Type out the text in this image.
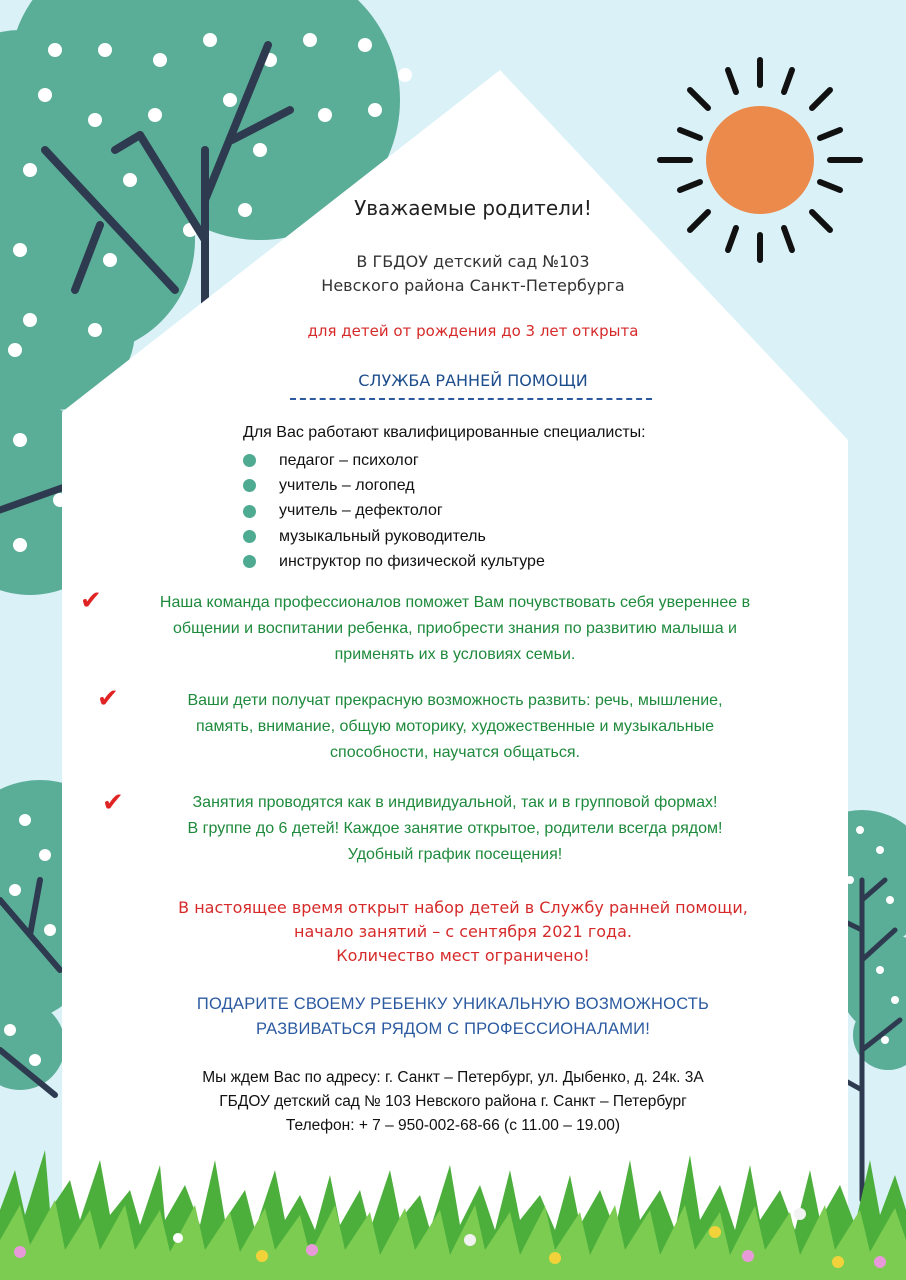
Уважаемые родители!
В ГБДОУ детский сад №103
Невского района Санкт-Петербурга
для детей от рождения до 3 лет открыта
СЛУЖБА РАННЕЙ ПОМОЩИ
Для Вас работают квалифицированные специалисты:
педагог – психолог
учитель – логопед
учитель – дефектолог
музыкальный руководитель
инструктор по физической культуре
✔	Наша команда профессионалов поможет Вам почувствовать себя увереннее в
общении и воспитании ребенка, приобрести знания по развитию малыша и
применять их в условиях семьи.
✔	Ваши дети получат прекрасную возможность развить: речь, мышление,
память, внимание, общую моторику, художественные и музыкальные
способности, научатся общаться.
✔	Занятия проводятся как в индивидуальной, так и в групповой формах!
В группе до 6 детей! Каждое занятие открытое, родители всегда рядом!
Удобный график посещения!
В настоящее время открыт набор детей в Службу ранней помощи,
начало занятий – с сентября 2021 года.
Количество мест ограничено!
ПОДАРИТЕ СВОЕМУ РЕБЕНКУ УНИКАЛЬНУЮ ВОЗМОЖНОСТЬ
РАЗВИВАТЬСЯ РЯДОМ С ПРОФЕССИОНАЛАМИ!
Мы ждем Вас по адресу: г. Санкт – Петербург, ул. Дыбенко, д. 24к. 3А
ГБДОУ детский сад № 103 Невского района г. Санкт – Петербург
Телефон: + 7 – 950-002-68-66 (с 11.00 – 19.00)
